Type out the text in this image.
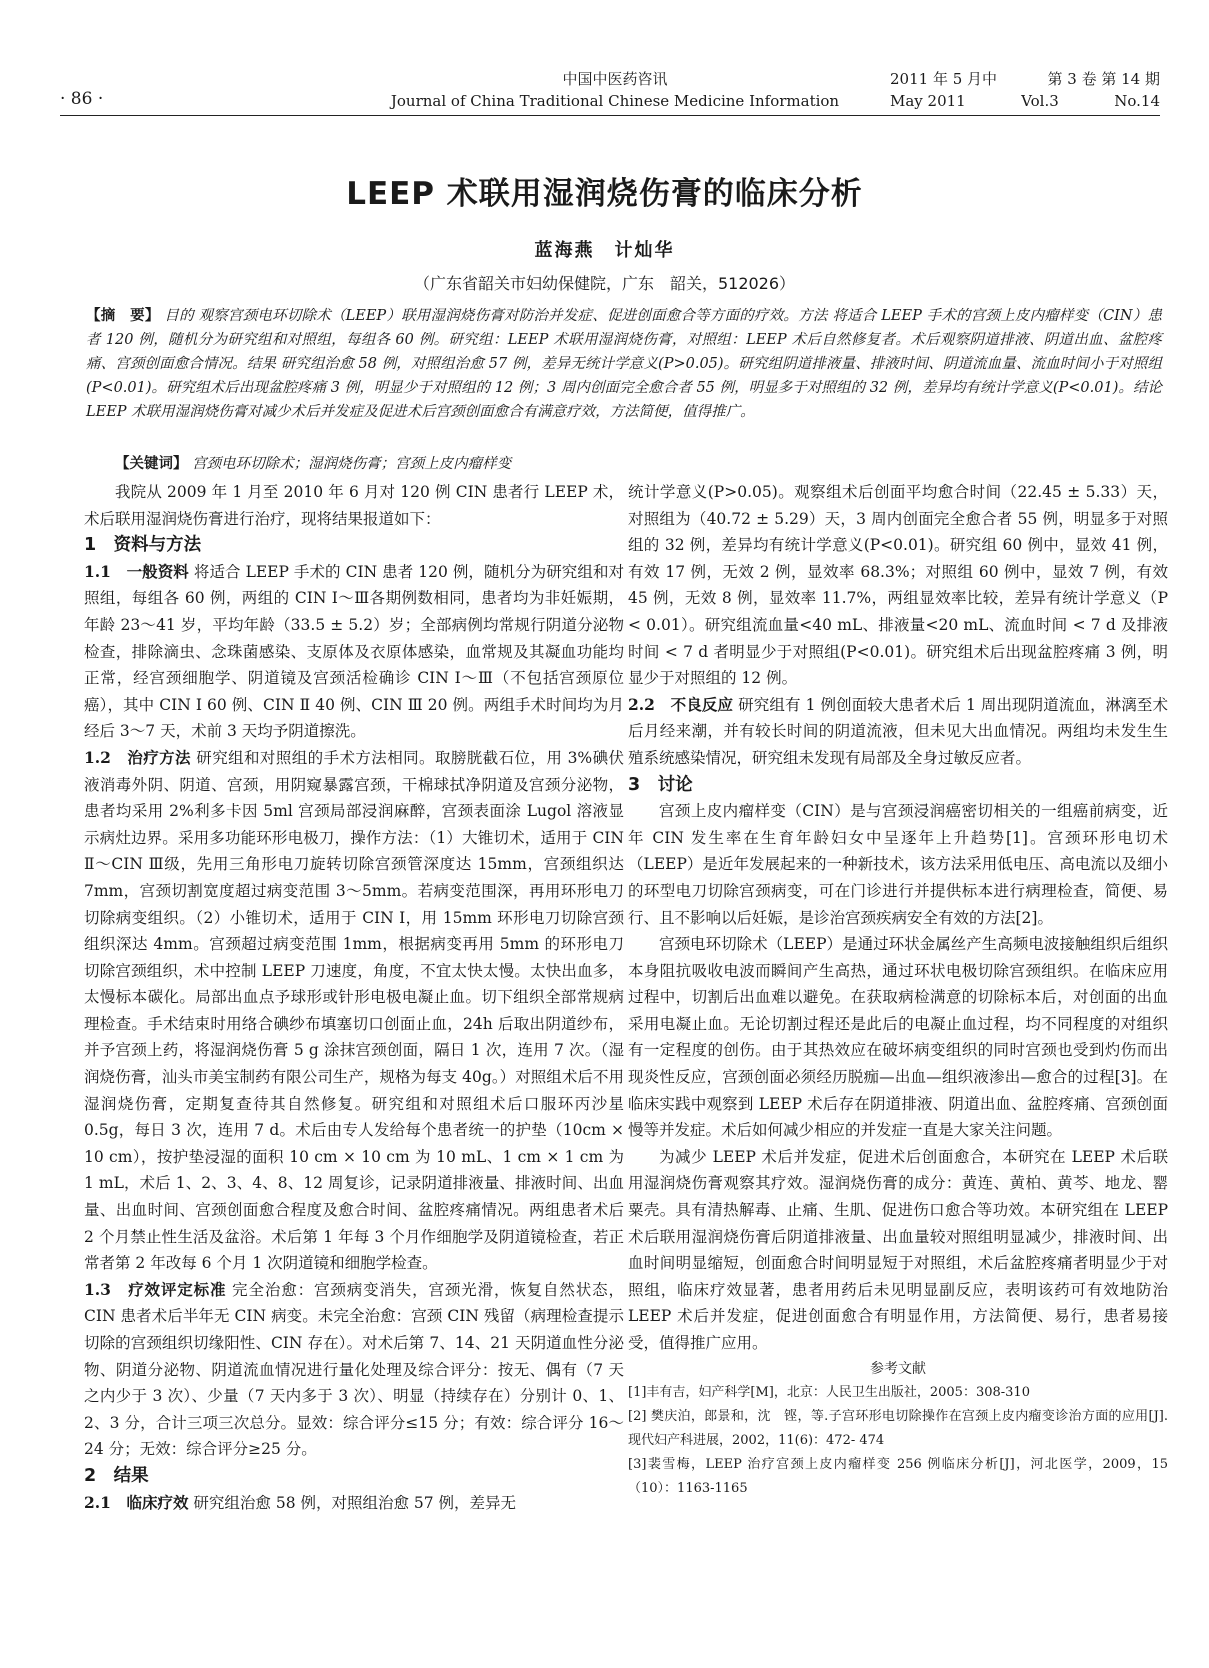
· 86 ·
中国中医药咨讯
Journal of China Traditional Chinese Medicine Information
2011 年 5 月中	第 3 卷 第 14 期
May 2011	Vol.3	No.14
LEEP 术联用湿润烧伤膏的临床分析
蓝海燕　计灿华
（广东省韶关市妇幼保健院，广东　韶关，512026）
【摘　要】 目的 观察宫颈电环切除术（LEEP）联用湿润烧伤膏对防治并发症、促进创面愈合等方面的疗效。方法 将适合 LEEP 手术的宫颈上皮内瘤样变（CIN）患者 120 例，随机分为研究组和对照组，每组各 60 例。研究组：LEEP 术联用湿润烧伤膏，对照组：LEEP 术后自然修复者。术后观察阴道排液、阴道出血、盆腔疼痛、宫颈创面愈合情况。结果 研究组治愈 58 例，对照组治愈 57 例，差异无统计学意义(P>0.05)。研究组阴道排液量、排液时间、阴道流血量、流血时间小于对照组(P<0.01)。研究组术后出现盆腔疼痛 3 例，明显少于对照组的 12 例；3 周内创面完全愈合者 55 例，明显多于对照组的 32 例，差异均有统计学意义(P<0.01)。结论 LEEP 术联用湿润烧伤膏对减少术后并发症及促进术后宫颈创面愈合有满意疗效，方法简便，值得推广。
【关键词】 宫颈电环切除术；湿润烧伤膏；宫颈上皮内瘤样变

我院从 2009 年 1 月至 2010 年 6 月对 120 例 CIN 患者行 LEEP 术，术后联用湿润烧伤膏进行治疗，现将结果报道如下：

1　资料与方法

1.1　一般资料 将适合 LEEP 手术的 CIN 患者 120 例，随机分为研究组和对照组，每组各 60 例，两组的 CIN Ⅰ～Ⅲ各期例数相同，患者均为非妊娠期，年龄 23～41 岁，平均年龄（33.5 ± 5.2）岁；全部病例均常规行阴道分泌物检查，排除滴虫、念珠菌感染、支原体及衣原体感染，血常规及其凝血功能均正常，经宫颈细胞学、阴道镜及宫颈活检确诊 CIN Ⅰ～Ⅲ（不包括宫颈原位癌），其中 CIN Ⅰ 60 例、CIN Ⅱ 40 例、CIN Ⅲ 20 例。两组手术时间均为月经后 3～7 天，术前 3 天均予阴道擦洗。

1.2　治疗方法 研究组和对照组的手术方法相同。取膀胱截石位，用 3%碘伏液消毒外阴、阴道、宫颈，用阴窥暴露宫颈，干棉球拭净阴道及宫颈分泌物，患者均采用 2%利多卡因 5ml 宫颈局部浸润麻醉，宫颈表面涂 Lugol 溶液显示病灶边界。采用多功能环形电极刀，操作方法：（1）大锥切术，适用于 CIN Ⅱ～CIN Ⅲ级，先用三角形电刀旋转切除宫颈管深度达 15mm，宫颈组织达 7mm，宫颈切割宽度超过病变范围 3～5mm。若病变范围深，再用环形电刀切除病变组织。（2）小锥切术，适用于 CIN Ⅰ，用 15mm 环形电刀切除宫颈组织深达 4mm。宫颈超过病变范围 1mm，根据病变再用 5mm 的环形电刀切除宫颈组织，术中控制 LEEP 刀速度，角度，不宜太快太慢。太快出血多，太慢标本碳化。局部出血点予球形或针形电极电凝止血。切下组织全部常规病理检查。手术结束时用络合碘纱布填塞切口创面止血，24h 后取出阴道纱布，并予宫颈上药，将湿润烧伤膏 5 g 涂抹宫颈创面，隔日 1 次，连用 7 次。（湿润烧伤膏，汕头市美宝制药有限公司生产，规格为每支 40g。）对照组术后不用湿润烧伤膏，定期复查待其自然修复。研究组和对照组术后口服环丙沙星 0.5g，每日 3 次，连用 7 d。术后由专人发给每个患者统一的护垫（10cm × 10 cm），按护垫浸湿的面积 10 cm × 10 cm 为 10 mL、1 cm × 1 cm 为 1 mL，术后 1、2、3、4、8、12 周复诊，记录阴道排液量、排液时间、出血量、出血时间、宫颈创面愈合程度及愈合时间、盆腔疼痛情况。两组患者术后 2 个月禁止性生活及盆浴。术后第 1 年每 3 个月作细胞学及阴道镜检查，若正常者第 2 年改每 6 个月 1 次阴道镜和细胞学检查。

1.3　疗效评定标准 完全治愈：宫颈病变消失，宫颈光滑，恢复自然状态，CIN 患者术后半年无 CIN 病变。未完全治愈：宫颈 CIN 残留（病理检查提示切除的宫颈组织切缘阳性、CIN 存在）。对术后第 7、14、21 天阴道血性分泌物、阴道分泌物、阴道流血情况进行量化处理及综合评分：按无、偶有（7 天之内少于 3 次）、少量（7 天内多于 3 次）、明显（持续存在）分别计 0、1、2、3 分，合计三项三次总分。显效：综合评分≤15 分；有效：综合评分 16～24 分；无效：综合评分≥25 分。

2　结果

2.1　临床疗效 研究组治愈 58 例，对照组治愈 57 例，差异无

统计学意义(P>0.05)。观察组术后创面平均愈合时间（22.45 ± 5.33）天，对照组为（40.72 ± 5.29）天，3 周内创面完全愈合者 55 例，明显多于对照组的 32 例，差异均有统计学意义(P<0.01)。研究组 60 例中，显效 41 例，有效 17 例，无效 2 例，显效率 68.3%；对照组 60 例中，显效 7 例，有效 45 例，无效 8 例，显效率 11.7%，两组显效率比较，差异有统计学意义（P < 0.01）。研究组流血量<40 mL、排液量<20 mL、流血时间 < 7 d 及排液时间 < 7 d 者明显少于对照组(P<0.01)。研究组术后出现盆腔疼痛 3 例，明显少于对照组的 12 例。

2.2　不良反应 研究组有 1 例创面较大患者术后 1 周出现阴道流血，淋漓至术后月经来潮，并有较长时间的阴道流液，但未见大出血情况。两组均未发生生殖系统感染情况，研究组未发现有局部及全身过敏反应者。

3　讨论

宫颈上皮内瘤样变（CIN）是与宫颈浸润癌密切相关的一组癌前病变，近年 CIN 发生率在生育年龄妇女中呈逐年上升趋势[1]。宫颈环形电切术（LEEP）是近年发展起来的一种新技术，该方法采用低电压、高电流以及细小的环型电刀切除宫颈病变，可在门诊进行并提供标本进行病理检查，简便、易行、且不影响以后妊娠，是诊治宫颈疾病安全有效的方法[2]。

宫颈电环切除术（LEEP）是通过环状金属丝产生高频电波接触组织后组织本身阻抗吸收电波而瞬间产生高热，通过环状电极切除宫颈组织。在临床应用过程中，切割后出血难以避免。在获取病检满意的切除标本后，对创面的出血采用电凝止血。无论切割过程还是此后的电凝止血过程，均不同程度的对组织有一定程度的创伤。由于其热效应在破坏病变组织的同时宫颈也受到灼伤而出现炎性反应，宫颈创面必须经历脱痂—出血—组织液渗出—愈合的过程[3]。在临床实践中观察到 LEEP 术后存在阴道排液、阴道出血、盆腔疼痛、宫颈创面慢等并发症。术后如何减少相应的并发症一直是大家关注问题。

为减少 LEEP 术后并发症，促进术后创面愈合，本研究在 LEEP 术后联用湿润烧伤膏观察其疗效。湿润烧伤膏的成分：黄连、黄柏、黄芩、地龙、罂粟壳。具有清热解毒、止痛、生肌、促进伤口愈合等功效。本研究组在 LEEP 术后联用湿润烧伤膏后阴道排液量、出血量较对照组明显减少，排液时间、出血时间明显缩短，创面愈合时间明显短于对照组，术后盆腔疼痛者明显少于对照组，临床疗效显著，患者用药后未见明显副反应，表明该药可有效地防治 LEEP 术后并发症，促进创面愈合有明显作用，方法简便、易行，患者易接受，值得推广应用。

参考文献

[1]丰有吉，妇产科学[M]，北京：人民卫生出版社，2005：308-310

[2] 樊庆泊，郎景和，沈　铿，等.子宫环形电切除操作在宫颈上皮内瘤变诊治方面的应用[J].现代妇产科进展，2002，11(6)：472- 474

[3]裴雪梅，LEEP 治疗宫颈上皮内瘤样变 256 例临床分析[J]，河北医学，2009，15（10）：1163-1165
